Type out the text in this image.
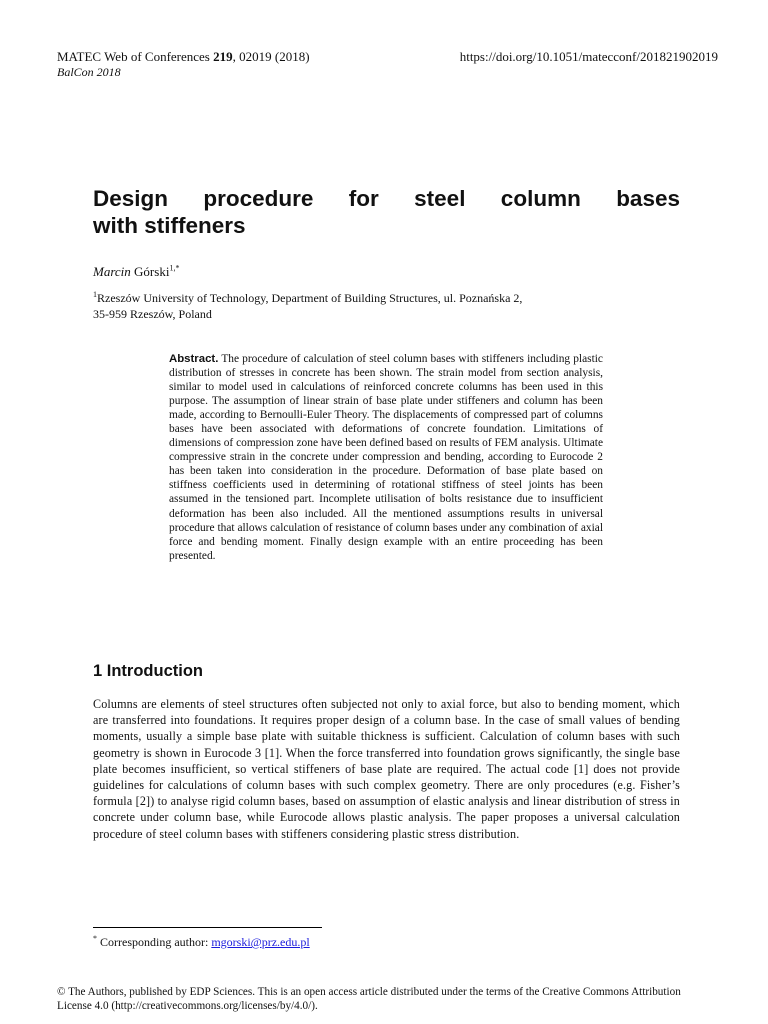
MATEC Web of Conferences 219, 02019 (2018)	https://doi.org/10.1051/matecconf/201821902019
BalCon 2018
Design procedure for steel column bases
with stiffeners
Marcin Górski$^{1,*}$
$^1$Rzeszów University of Technology, Department of Building Structures, ul. Poznańska 2,
35-959 Rzeszów, Poland
Abstract. The procedure of calculation of steel column bases with stiffeners including plastic distribution of stresses in concrete has been shown. The strain model from section analysis, similar to model used in calculations of reinforced concrete columns has been used in this purpose. The assumption of linear strain of base plate under stiffeners and column has been made, according to Bernoulli-Euler Theory. The displacements of compressed part of columns bases have been associated with deformations of concrete foundation. Limitations of dimensions of compression zone have been defined based on results of FEM analysis. Ultimate compressive strain in the concrete under compression and bending, according to Eurocode 2 has been taken into consideration in the procedure. Deformation of base plate based on stiffness coefficients used in determining of rotational stiffness of steel joints has been assumed in the tensioned part. Incomplete utilisation of bolts resistance due to insufficient deformation has been also included. All the mentioned assumptions results in universal procedure that allows calculation of resistance of column bases under any combination of axial force and bending moment. Finally design example with an entire proceeding has been presented.
1 Introduction
Columns are elements of steel structures often subjected not only to axial force, but also to bending moment, which are transferred into foundations. It requires proper design of a column base. In the case of small values of bending moments, usually a simple base plate with suitable thickness is sufficient. Calculation of column bases with such geometry is shown in Eurocode 3 [1]. When the force transferred into foundation grows significantly, the single base plate becomes insufficient, so vertical stiffeners of base plate are required. The actual code [1] does not provide guidelines for calculations of column bases with such complex geometry. There are only procedures (e.g. Fisher’s formula [2]) to analyse rigid column bases, based on assumption of elastic analysis and linear distribution of stress in concrete under column base, while Eurocode allows plastic analysis. The paper proposes a universal calculation procedure of steel column bases with stiffeners considering plastic stress distribution.
* Corresponding author: mgorski@prz.edu.pl
© The Authors, published by EDP Sciences. This is an open access article distributed under the terms of the Creative Commons Attribution License 4.0 (http://creativecommons.org/licenses/by/4.0/).
